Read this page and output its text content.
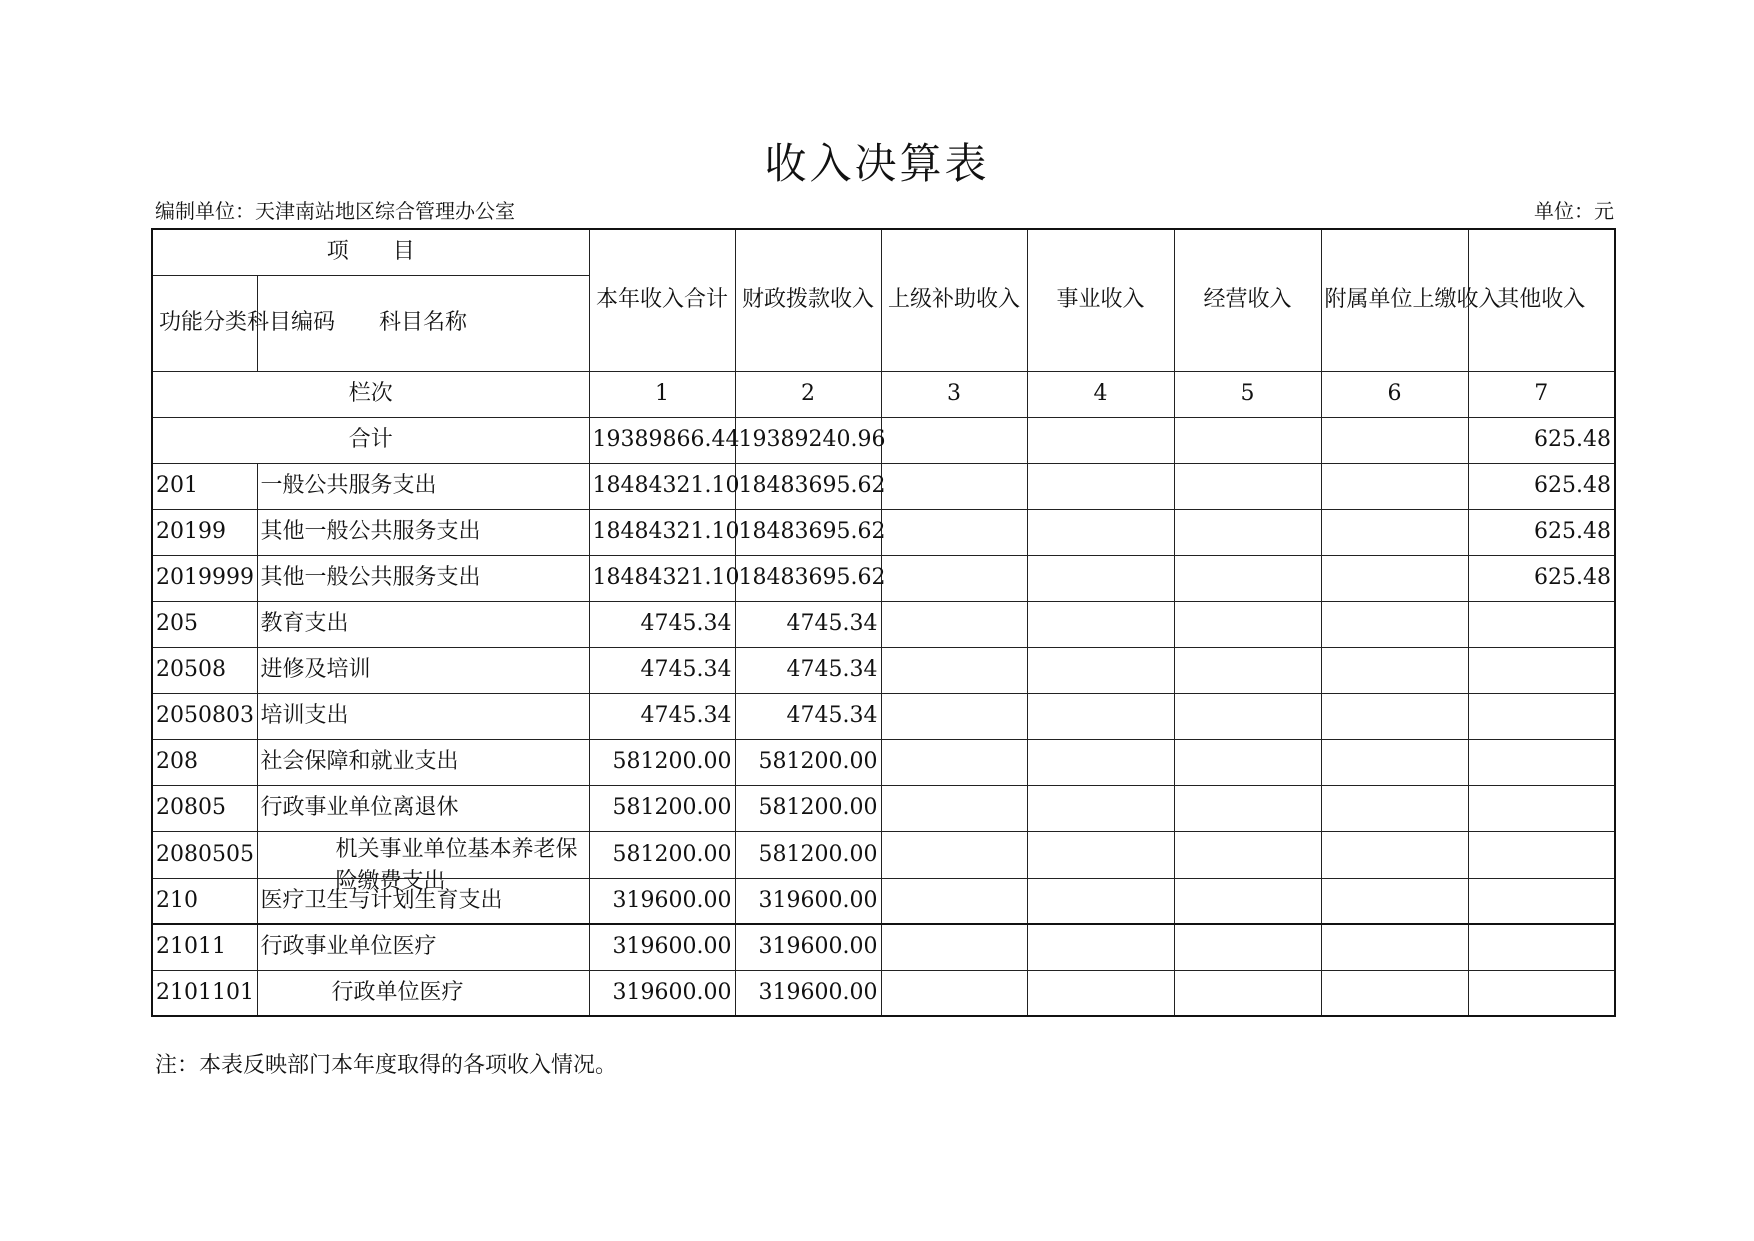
收入决算表
编制单位：天津南站地区综合管理办公室	单位：元
项　　目		本年收入合计	财政拨款收入	上级补助收入	事业收入	经营收入	附属单位上缴收入	其他收入
功能分类科目编码	科目名称							
栏次		1	2	3	4	5	6	7
合计		19389866.44	19389240.96					625.48
201	一般公共服务支出	18484321.10	18483695.62					625.48
20199	其他一般公共服务支出	18484321.10	18483695.62					625.48
2019999	其他一般公共服务支出	18484321.10	18483695.62					625.48
205	教育支出	4745.34	4745.34					
20508	进修及培训	4745.34	4745.34					
2050803	培训支出	4745.34	4745.34					
208	社会保障和就业支出	581200.00	581200.00					
20805	行政事业单位离退休	581200.00	581200.00					
2080505	机关事业单位基本养老保险缴费支出	581200.00	581200.00					
210	医疗卫生与计划生育支出	319600.00	319600.00					
21011	行政事业单位医疗	319600.00	319600.00					
2101101	行政单位医疗	319600.00	319600.00					
注：本表反映部门本年度取得的各项收入情况。
